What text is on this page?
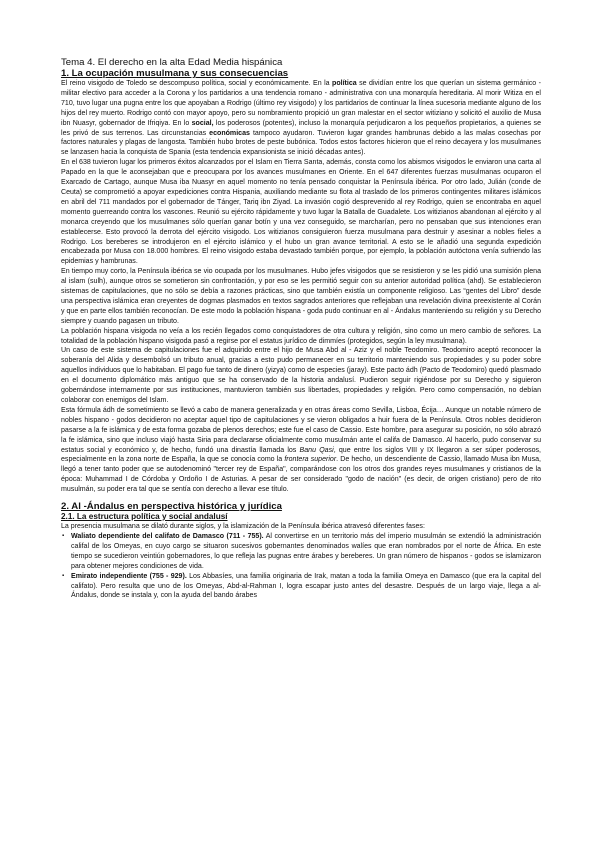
Tema 4. El derecho en la alta Edad Media hispánica
1. La ocupación musulmana y sus consecuencias

El reino visigodo de Toledo se descompuso política, social y económicamente. En la política se dividían entre los que querían un sistema germánico - militar electivo para acceder a la Corona y los partidarios a una tendencia romano - administrativa con una monarquía hereditaria. Al morir Witiza en el 710, tuvo lugar una pugna entre los que apoyaban a Rodrigo (último rey visigodo) y los partidarios de continuar la línea sucesoria mediante alguno de los hijos del rey muerto. Rodrigo contó con mayor apoyo, pero su nombramiento propició un gran malestar en el sector witiziano y solicitó el auxilio de Musa ibn Nuasyr, gobernador de Ifriqiya. En lo social, los poderosos (potentes), incluso la monarquía perjudicaron a los pequeños propietarios, a quienes se les privó de sus terrenos. Las circunstancias económicas tampoco ayudaron. Tuvieron lugar grandes hambrunas debido a las malas cosechas por factores naturales y plagas de langosta. También hubo brotes de peste bubónica. Todos estos factores hicieron que el reino decayera y los musulmanes se lanzasen hacia la conquista de Spania (esta tendencia expansionista se inició décadas antes).

En el 638 tuvieron lugar los primeros éxitos alcanzados por el Islam en Tierra Santa, además, consta como los abismos visigodos le enviaron una carta al Papado en la que le aconsejaban que e preocupara por los avances musulmanes en Oriente. En el 647 diferentes fuerzas musulmanas ocuparon el Exarcado de Cartago, aunque Musa iba Nuasyr en aquel momento no tenía pensado conquistar la Península ibérica. Por otro lado, Julián (conde de Ceuta) se comprometió a apoyar expediciones contra Hispania, auxiliando mediante su flota al traslado de los primeros contingentes militares islámicos en abril del 711 mandados por el gobernador de Tánger, Tariq ibn Ziyad. La invasión cogió desprevenido al rey Rodrigo, quien se encontraba en aquel momento guerreando contra los vascones. Reunió su ejército rápidamente y tuvo lugar la Batalla de Guadalete. Los witizianos abandonan al ejército y al monarca creyendo que los musulmanes sólo querían ganar botín y una vez conseguido, se marcharían, pero no pensaban que sus intenciones eran establecerse. Esto provocó la derrota del ejército visigodo. Los witizianos consiguieron fuerza musulmana para destruir y asesinar a nobles fieles a Rodrigo. Los bereberes se introdujeron en el ejército islámico y el hubo un gran avance territorial. A esto se le añadió una segunda expedición encabezada por Musa con 18.000 hombres. El reino visigodo estaba devastado también porque, por ejemplo, la población autóctona venía sufriendo las epidemias y hambrunas.

En tiempo muy corto, la Península ibérica se vio ocupada por los musulmanes. Hubo jefes visigodos que se resistieron y se les pidió una sumisión plena al islam (sulh), aunque otros se sometieron sin confrontación, y por eso se les permitió seguir con su anterior autoridad política (ahd). Se establecieron sistemas de capitulaciones, que no sólo se debía a razones prácticas, sino que también existía un componente religioso. Las “gentes del Libro” desde una perspectiva islámica eran creyentes de dogmas plasmados en textos sagrados anteriores que reflejaban una revelación divina preexistente al Corán y que en parte ellos también reconocían. De este modo la población hispana - goda pudo continuar en al - Ándalus manteniendo su religión y su Derecho siempre y cuando pagasen un tributo.

La población hispana visigoda no veía a los recién llegados como conquistadores de otra cultura y religión, sino como un mero cambio de señores. La totalidad de la población hispano visigoda pasó a regirse por el estatus jurídico de dimmíes (protegidos, según la ley musulmana).

Un caso de este sistema de capitulaciones fue el adquirido entre el hijo de Musa Abd al - Aziz y el noble Teodomiro. Teodomiro aceptó reconocer la soberanía del Alida y desembolsó un tributo anual, gracias a esto pudo permanecer en su territorio manteniendo sus propiedades y su poder sobre aquellos individuos que lo habitaban. El pago fue tanto de dinero (yizya) como de especies (jaray). Este pacto ádh (Pacto de Teodomiro) quedó plasmado en el documento diplomático más antiguo que se ha conservado de la historia andalusí. Pudieron seguir rigiéndose por su Derecho y siguieron gobernándose internamente por sus instituciones, mantuvieron también sus libertades, propiedades y religión. Pero como compensación, no debían colaborar con enemigos del Islam.

Esta fórmula ádh de sometimiento se llevó a cabo de manera generalizada y en otras áreas como Sevilla, Lisboa, Écija… Aunque un notable número de nobles hispano - godos decidieron no aceptar aquel tipo de capitulaciones y se vieron obligados a huir fuera de la Península. Otros nobles decidieron pasarse a la fe islámica y de esta forma gozaba de plenos derechos; este fue el caso de Cassio. Este hombre, para asegurar su posición, no sólo abrazó la fe islámica, sino que incluso viajó hasta Siria para declararse oficialmente como musulmán ante el califa de Damasco. Al hacerlo, pudo conservar su estatus social y económico y, de hecho, fundó una dinastía llamada los Banu Qasi, que entre los siglos VIII y IX llegaron a ser súper poderosos, especialmente en la zona norte de España, la que se conocía como la frontera superior. De hecho, un descendiente de Cassio, llamado Musa ibn Musa, llegó a tener tanto poder que se autodenominó "tercer rey de España", comparándose con los otros dos grandes reyes musulmanes y cristianos de la época: Muhammad I de Córdoba y Ordoño I de Asturias. A pesar de ser considerado "godo de nación" (es decir, de origen cristiano) pero de rito musulmán, su poder era tal que se sentía con derecho a llevar ese título.

2. Al -Ándalus en perspectiva histórica y jurídica
2.1. La estructura política y social andalusí

La presencia musulmana se dilató durante siglos, y la islamización de la Península ibérica atravesó diferentes fases:

▪ Waliato dependiente del califato de Damasco (711 - 755). Al convertirse en un territorio más del imperio musulmán se extendió la administración califal de los Omeyas, en cuyo cargo se situaron sucesivos gobernantes denominados walíes que eran nombrados por el norte de África. En este tiempo se sucedieron veintiún gobernadores, lo que refleja las pugnas entre árabes y bereberes. Un gran número de hispanos - godos se islamizaron para obtener mejores condiciones de vida.
▪ Emirato independiente (755 - 929). Los Abbasíes, una familia originaria de Irak, matan a toda la familia Omeya en Damasco (que era la capital del califato). Pero resulta que uno de los Omeyas, Abd-al-Rahman I, logra escapar justo antes del desastre. Después de un largo viaje, llega a al-Ándalus, donde se instala y, con la ayuda del bando árabes
